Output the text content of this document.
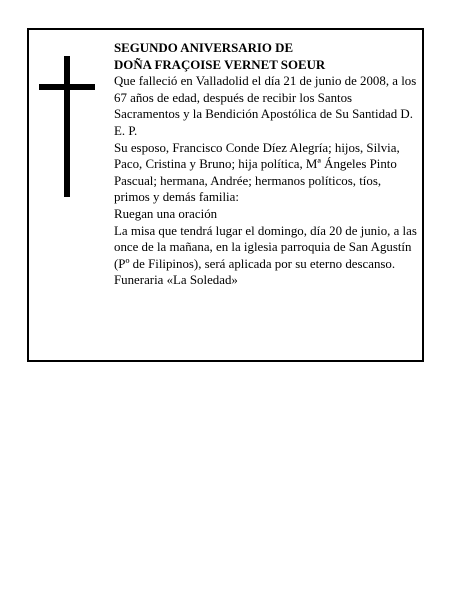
SEGUNDO ANIVERSARIO DE

DOÑA FRAÇOISE VERNET SOEUR

Que falleció en Valladolid el día 21 de junio de 2008, a los 67 años de edad, después de recibir los Santos Sacramentos y la Bendición Apostólica de Su Santidad D. E. P.

Su esposo, Francisco Conde Díez Alegría; hijos, Silvia, Paco, Cristina y Bruno; hija política, Mª Ángeles Pinto Pascual; hermana, Andrée; hermanos políticos, tíos, primos y demás familia:

Ruegan una oración

La misa que tendrá lugar el domingo, día 20 de junio, a las once de la mañana, en la iglesia parroquia de San Agustín (Pº de Filipinos), será aplicada por su eterno descanso.

Funeraria «La Soledad»
